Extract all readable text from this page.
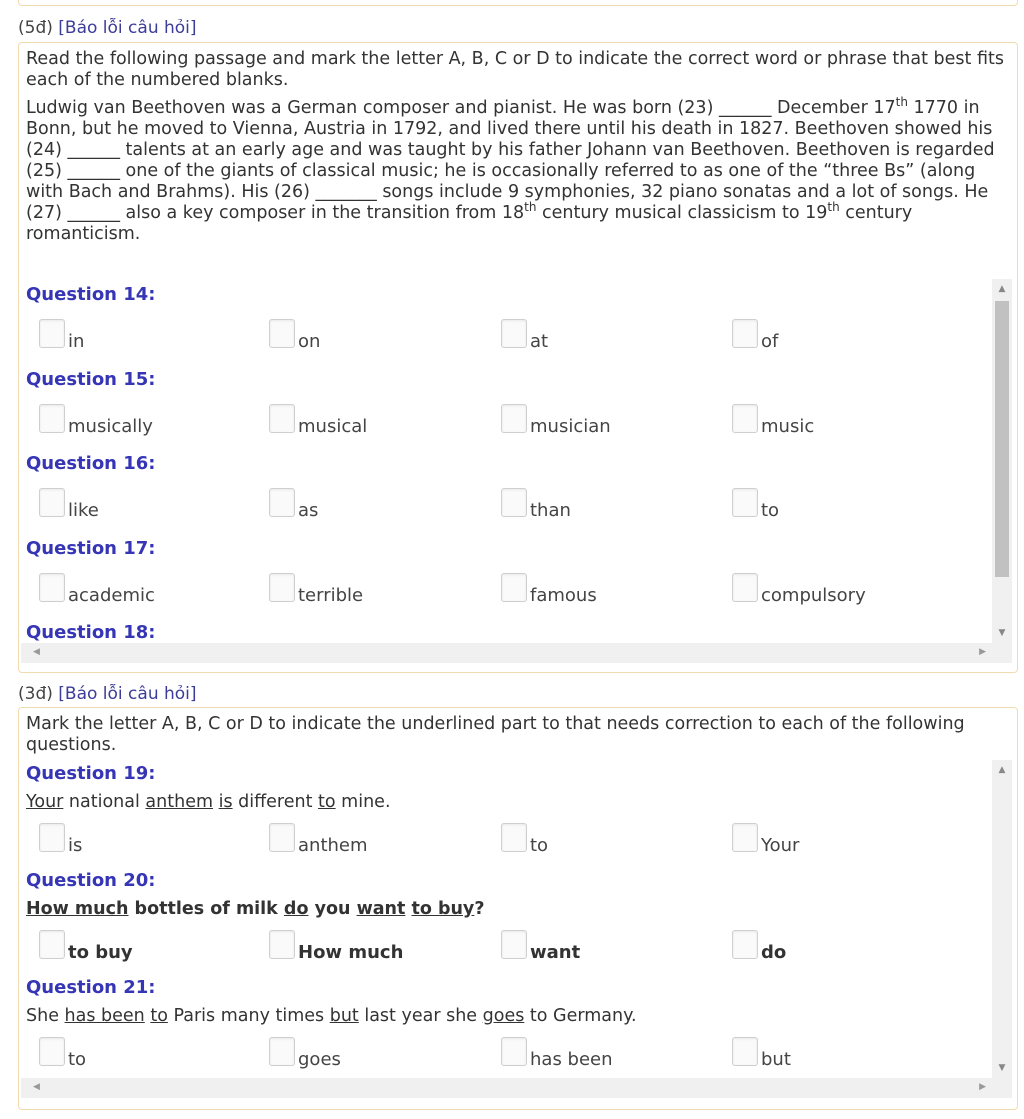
(5đ) [Báo lỗi câu hỏi]

Read the following passage and mark the letter A, B, C or D to indicate the correct word or phrase that best fits each of the numbered blanks.

Ludwig van Beethoven was a German composer and pianist. He was born (23) ______ December 17th 1770 in Bonn, but he moved to Vienna, Austria in 1792, and lived there until his death in 1827. Beethoven showed his (24) ______ talents at an early age and was taught by his father Johann van Beethoven. Beethoven is regarded (25) ______ one of the giants of classical music; he is occasionally referred to as one of the “three Bs” (along with Bach and Brahms). His (26) _______ songs include 9 symphonies, 32 piano sonatas and a lot of songs. He (27) ______ also a key composer in the transition from 18th century musical classicism to 19th century romanticism.

Question 14:
in	on	at	of
Question 15:
musically	musical	musician	music
Question 16:
like	as	than	to
Question 17:
academic	terrible	famous	compulsory
Question 18:
▲
▼
◀	▶
(3đ) [Báo lỗi câu hỏi]

Mark the letter A, B, C or D to indicate the underlined part to that needs correction to each of the following questions.

Question 19:
Your national anthem is different to mine.
is	anthem	to	Your
Question 20:
How much bottles of milk do you want to buy?
to buy	How much	want	do
Question 21:
She has been to Paris many times but last year she goes to Germany.
to	goes	has been	but
▲
▼
◀	▶
